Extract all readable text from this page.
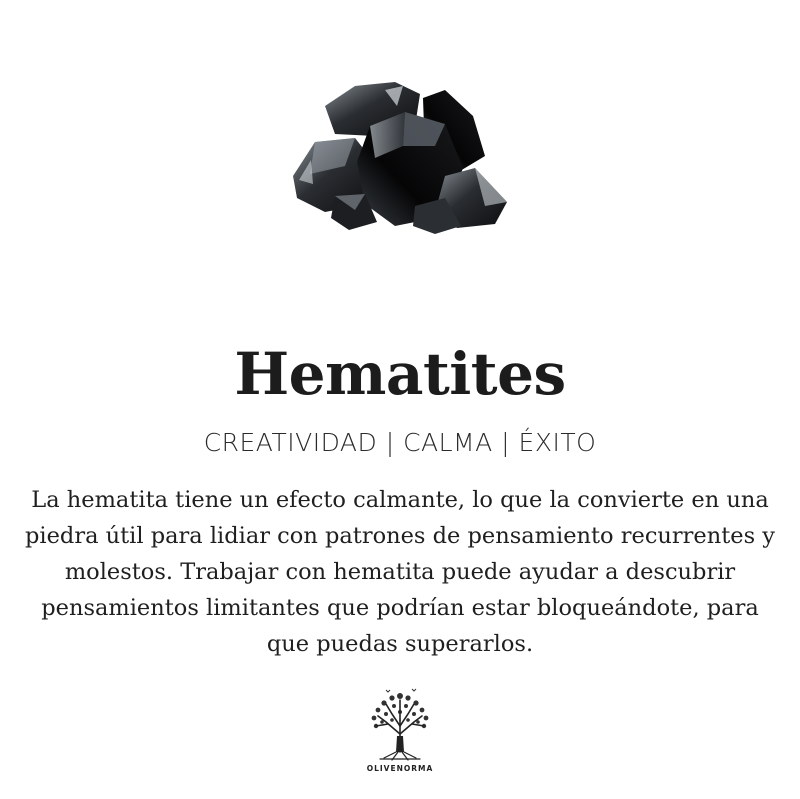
Hematites
CREATIVIDAD | CALMA | ÉXITO

La hematita tiene un efecto calmante, lo que la convierte en una piedra útil para lidiar con patrones de pensamiento recurrentes y molestos. Trabajar con hematita puede ayudar a descubrir pensamientos limitantes que podrían estar bloqueándote, para que puedas superarlos.

OLIVENORMA
